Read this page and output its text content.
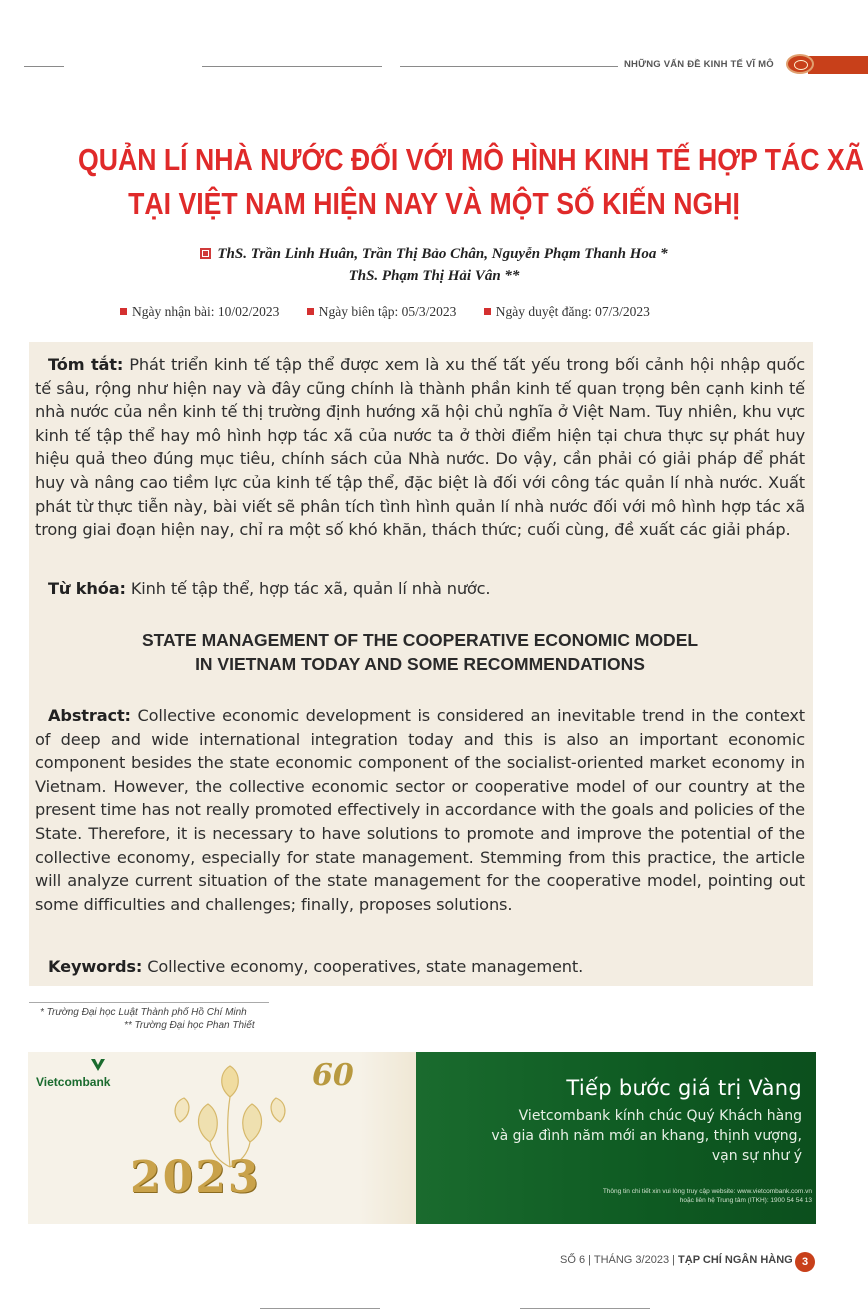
NHỮNG VẤN ĐỀ KINH TẾ VĨ MÔ
QUẢN LÍ NHÀ NƯỚC ĐỐI VỚI MÔ HÌNH KINH TẾ HỢP TÁC XÃ
TẠI VIỆT NAM HIỆN NAY VÀ MỘT SỐ KIẾN NGHỊ
ThS. Trần Linh Huân, Trần Thị Bảo Chân, Nguyễn Phạm Thanh Hoa *
ThS. Phạm Thị Hải Vân **
Ngày nhận bài: 10/02/2023	Ngày biên tập: 05/3/2023	Ngày duyệt đăng: 07/3/2023
Tóm tắt: Phát triển kinh tế tập thể được xem là xu thế tất yếu trong bối cảnh hội nhập quốc tế sâu, rộng như hiện nay và đây cũng chính là thành phần kinh tế quan trọng bên cạnh kinh tế nhà nước của nền kinh tế thị trường định hướng xã hội chủ nghĩa ở Việt Nam. Tuy nhiên, khu vực kinh tế tập thể hay mô hình hợp tác xã của nước ta ở thời điểm hiện tại chưa thực sự phát huy hiệu quả theo đúng mục tiêu, chính sách của Nhà nước. Do vậy, cần phải có giải pháp để phát huy và nâng cao tiềm lực của kinh tế tập thể, đặc biệt là đối với công tác quản lí nhà nước. Xuất phát từ thực tiễn này, bài viết sẽ phân tích tình hình quản lí nhà nước đối với mô hình hợp tác xã trong giai đoạn hiện nay, chỉ ra một số khó khăn, thách thức; cuối cùng, đề xuất các giải pháp.
Từ khóa: Kinh tế tập thể, hợp tác xã, quản lí nhà nước.
STATE MANAGEMENT OF THE COOPERATIVE ECONOMIC MODEL
IN VIETNAM TODAY AND SOME RECOMMENDATIONS
Abstract: Collective economic development is considered an inevitable trend in the context of deep and wide international integration today and this is also an important economic component besides the state economic component of the socialist-oriented market economy in Vietnam. However, the collective economic sector or cooperative model of our country at the present time has not really promoted effectively in accordance with the goals and policies of the State. Therefore, it is necessary to have solutions to promote and improve the potential of the collective economy, especially for state management. Stemming from this practice, the article will analyze current situation of the state management for the cooperative model, pointing out some difficulties and challenges; finally, proposes solutions.
Keywords: Collective economy, cooperatives, state management.
* Trường Đại học Luật Thành phố Hồ Chí Minh
** Trường Đại học Phan Thiết
Vietcombank	60
2023
Tiếp bước giá trị Vàng
Vietcombank kính chúc Quý Khách hàng
và gia đình năm mới an khang, thịnh vượng,
vạn sự như ý
Thông tin chi tiết xin vui lòng truy cập website: www.vietcombank.com.vn
hoặc liên hệ Trung tâm (ITKH): 1900 54 54 13
SỐ 6 | THÁNG 3/2023 | TẠP CHÍ NGÂN HÀNG 3
